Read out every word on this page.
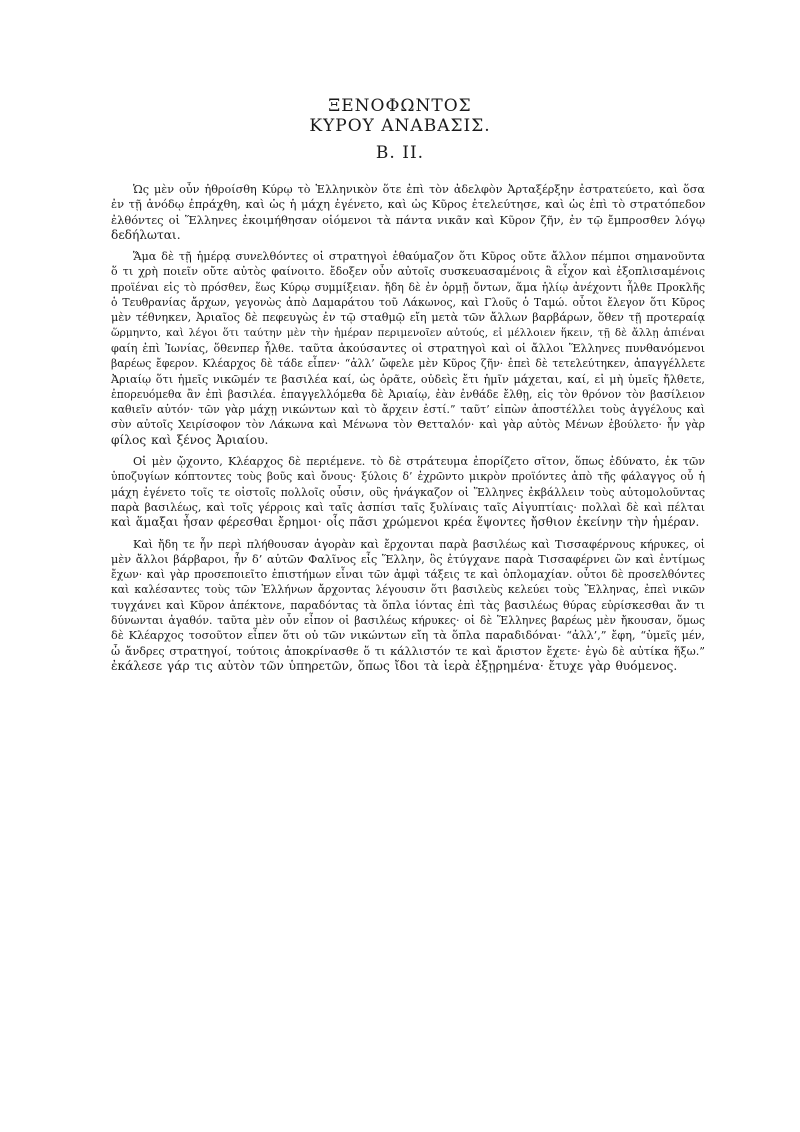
ΞΕΝΟΦΩΝΤΟΣ
ΚΥΡΟΥ ΑΝΑΒΑΣΙΣ.
Β. II.
Ὡς μὲν οὖν ἠθροίσθη Κύρῳ τὸ Ἑλληνικὸν ὅτε ἐπὶ τὸν ἀδελφὸν Ἀρταξέρξην ἐστρατεύετο, καὶ ὅσα
ἐν τῇ ἀνόδῳ ἐπράχθη, καὶ ὡς ἡ μάχη ἐγένετο, καὶ ὡς Κῦρος ἐτελεύτησε, καὶ ὡς ἐπὶ τὸ στρατόπεδον
ἐλθόντες οἱ Ἕλληνες ἐκοιμήθησαν οἰόμενοι τὰ πάντα νικᾶν καὶ Κῦρον ζῆν, ἐν τῷ ἔμπροσθεν λόγῳ
δεδήλωται.
Ἅμα δὲ τῇ ἡμέρᾳ συνελθόντες οἱ στρατηγοὶ ἐθαύμαζον ὅτι Κῦρος οὔτε ἄλλον πέμποι σημανοῦντα
ὅ τι χρὴ ποιεῖν οὔτε αὐτὸς φαίνοιτο. ἔδοξεν οὖν αὐτοῖς συσκευασαμένοις ἃ εἶχον καὶ ἐξοπλισαμένοις
προϊέναι εἰς τὸ πρόσθεν, ἕως Κύρῳ συμμίξειαν. ἤδη δὲ ἐν ὁρμῇ ὄντων, ἅμα ἡλίῳ ἀνέχοντι ἦλθε Προκλῆς
ὁ Τευθρανίας ἄρχων, γεγονὼς ἀπὸ Δαμαράτου τοῦ Λάκωνος, καὶ Γλοῦς ὁ Ταμώ. οὗτοι ἔλεγον ὅτι Κῦρος
μὲν τέθνηκεν, Ἀριαῖος δὲ πεφευγὼς ἐν τῷ σταθμῷ εἴη μετὰ τῶν ἄλλων βαρβάρων, ὅθεν τῇ προτεραίᾳ
ὥρμηντο, καὶ λέγοι ὅτι ταύτην μὲν τὴν ἡμέραν περιμενοῖεν αὐτούς, εἰ μέλλοιεν ἥκειν, τῇ δὲ ἄλλῃ ἀπιέναι
φαίη ἐπὶ Ἰωνίας, ὅθενπερ ἦλθε. ταῦτα ἀκούσαντες οἱ στρατηγοὶ καὶ οἱ ἄλλοι Ἕλληνες πυνθανόμενοι
βαρέως ἔφερον. Κλέαρχος δὲ τάδε εἶπεν· “ἀλλ’ ὤφελε μὲν Κῦρος ζῆν· ἐπεὶ δὲ τετελεύτηκεν, ἀπαγγέλλετε
Ἀριαίῳ ὅτι ἡμεῖς νικῶμέν τε βασιλέα καί, ὡς ὁρᾶτε, οὐδεὶς ἔτι ἡμῖν μάχεται, καί, εἰ μὴ ὑμεῖς ἤλθετε,
ἐπορευόμεθα ἂν ἐπὶ βασιλέα. ἐπαγγελλόμεθα δὲ Ἀριαίῳ, ἐὰν ἐνθάδε ἔλθῃ, εἰς τὸν θρόνον τὸν βασίλειον
καθιεῖν αὐτόν· τῶν γὰρ μάχῃ νικώντων καὶ τὸ ἄρχειν ἐστί.” ταῦτ’ εἰπὼν ἀποστέλλει τοὺς ἀγγέλους καὶ
σὺν αὐτοῖς Χειρίσοφον τὸν Λάκωνα καὶ Μένωνα τὸν Θετταλόν· καὶ γὰρ αὐτὸς Μένων ἐβούλετο· ἦν γὰρ
φίλος καὶ ξένος Ἀριαίου.
Οἱ μὲν ᾤχοντο, Κλέαρχος δὲ περιέμενε. τὸ δὲ στράτευμα ἐπορίζετο σῖτον, ὅπως ἐδύνατο, ἐκ τῶν
ὑποζυγίων κόπτοντες τοὺς βοῦς καὶ ὄνους· ξύλοις δ’ ἐχρῶντο μικρὸν προϊόντες ἀπὸ τῆς φάλαγγος οὗ ἡ
μάχη ἐγένετο τοῖς τε οἰστοῖς πολλοῖς οὖσιν, οὓς ἠνάγκαζον οἱ Ἕλληνες ἐκβάλλειν τοὺς αὐτομολοῦντας
παρὰ βασιλέως, καὶ τοῖς γέρροις καὶ ταῖς ἀσπίσι ταῖς ξυλίναις ταῖς Αἰγυπτίαις· πολλαὶ δὲ καὶ πέλται
καὶ ἅμαξαι ἦσαν φέρεσθαι ἔρημοι· οἷς πᾶσι χρώμενοι κρέα ἕψοντες ἤσθιον ἐκείνην τὴν ἡμέραν.
Καὶ ἤδη τε ἦν περὶ πλήθουσαν ἀγορὰν καὶ ἔρχονται παρὰ βασιλέως καὶ Τισσαφέρνους κήρυκες, οἱ
μὲν ἄλλοι βάρβαροι, ἦν δ’ αὐτῶν Φαλῖνος εἷς Ἕλλην, ὃς ἐτύγχανε παρὰ Τισσαφέρνει ὢν καὶ ἐντίμως
ἔχων· καὶ γὰρ προσεποιεῖτο ἐπιστήμων εἶναι τῶν ἀμφὶ τάξεις τε καὶ ὁπλομαχίαν. οὗτοι δὲ προσελθόντες
καὶ καλέσαντες τοὺς τῶν Ἑλλήνων ἄρχοντας λέγουσιν ὅτι βασιλεὺς κελεύει τοὺς Ἕλληνας, ἐπεὶ νικῶν
τυγχάνει καὶ Κῦρον ἀπέκτονε, παραδόντας τὰ ὅπλα ἰόντας ἐπὶ τὰς βασιλέως θύρας εὑρίσκεσθαι ἄν τι
δύνωνται ἀγαθόν. ταῦτα μὲν οὖν εἶπον οἱ βασιλέως κήρυκες· οἱ δὲ Ἕλληνες βαρέως μὲν ἤκουσαν, ὅμως
δὲ Κλέαρχος τοσοῦτον εἶπεν ὅτι οὐ τῶν νικώντων εἴη τὰ ὅπλα παραδιδόναι· “ἀλλ’,” ἔφη, “ὑμεῖς μέν,
ὦ ἄνδρες στρατηγοί, τούτοις ἀποκρίνασθε ὅ τι κάλλιστόν τε καὶ ἄριστον ἔχετε· ἐγὼ δὲ αὐτίκα ἥξω.”
ἐκάλεσε γάρ τις αὐτὸν τῶν ὑπηρετῶν, ὅπως ἴδοι τὰ ἱερὰ ἐξῃρημένα· ἔτυχε γὰρ θυόμενος.
